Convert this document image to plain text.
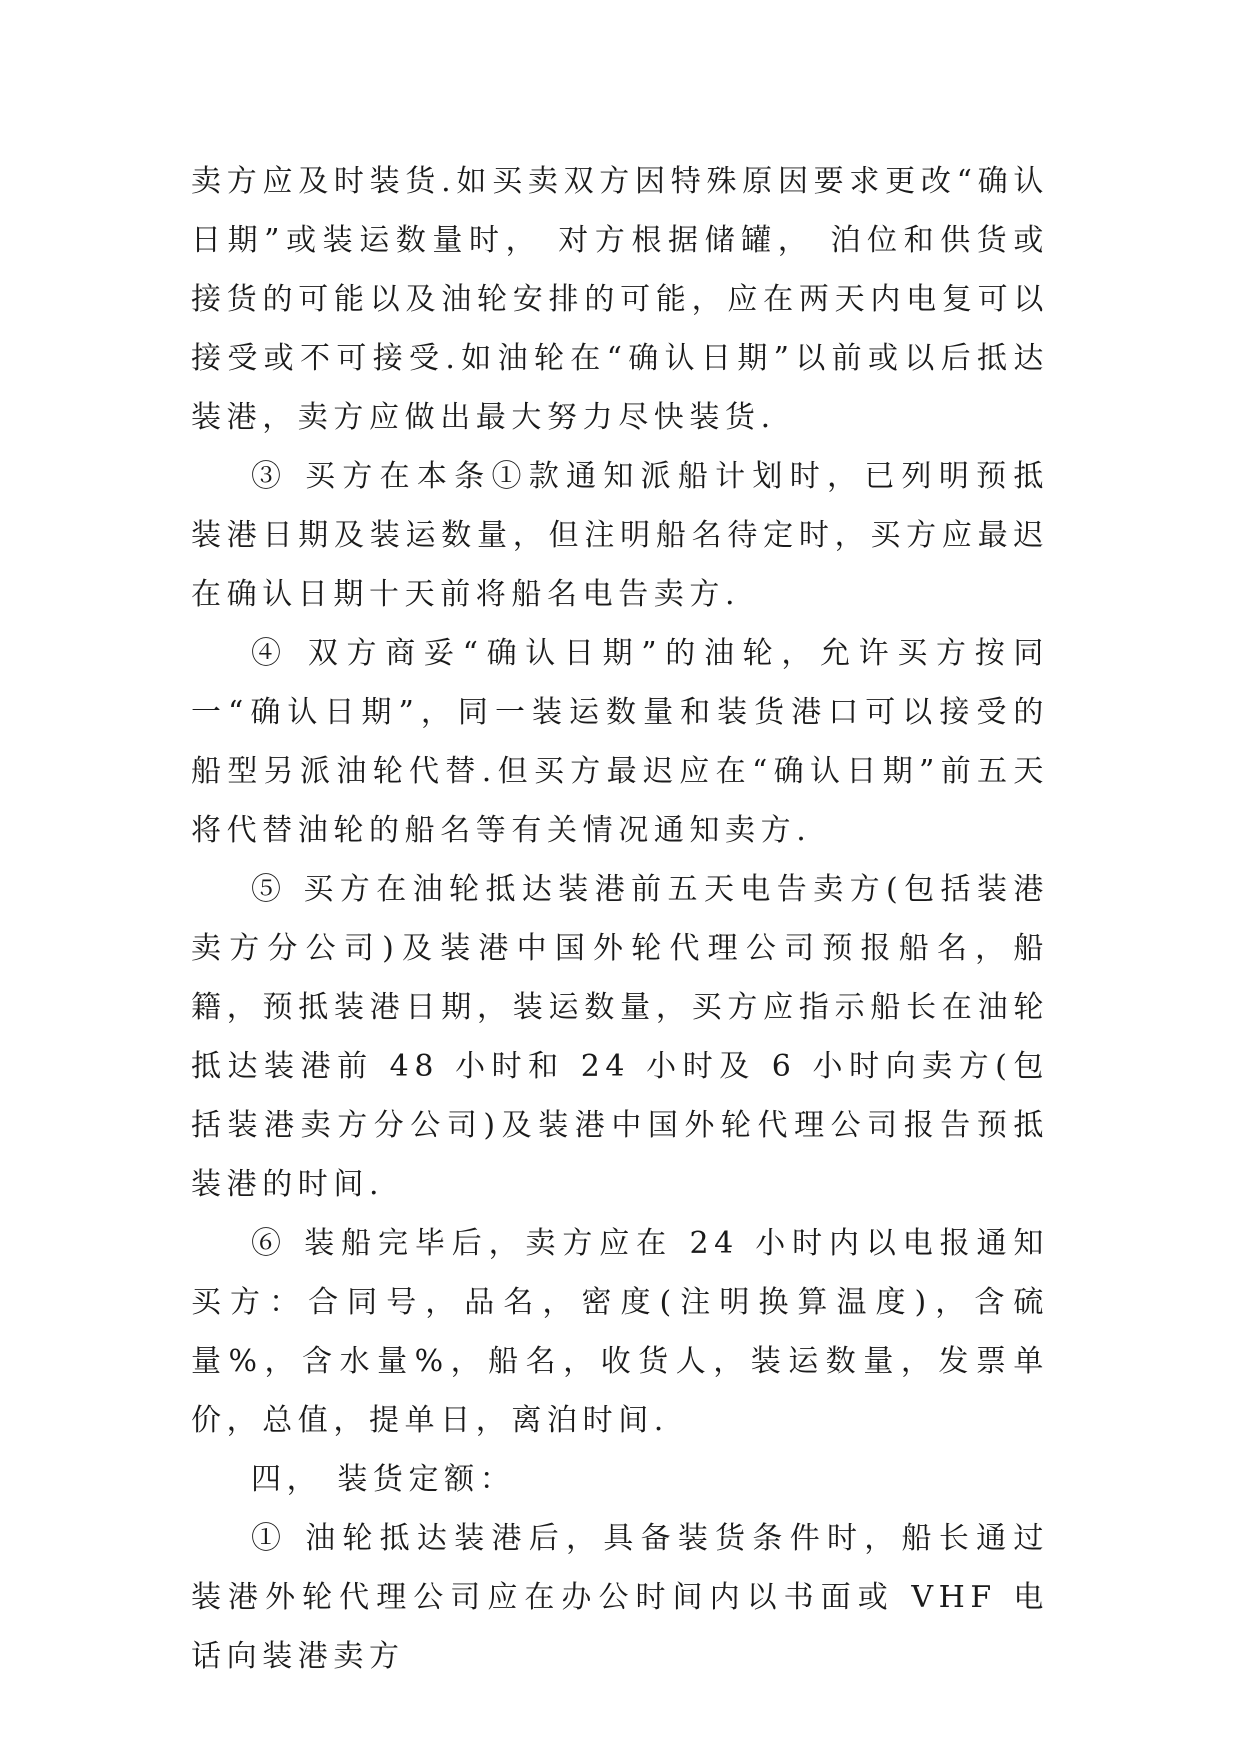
卖方应及时装货.如买卖双方因特殊原因要求更改“确认日期”或装运数量时， 对方根据储罐， 泊位和供货或接货的可能以及油轮安排的可能，应在两天内电复可以接受或不可接受.如油轮在“确认日期”以前或以后抵达装港，卖方应做出最大努力尽快装货.

③ 买方在本条①款通知派船计划时，已列明预抵装港日期及装运数量，但注明船名待定时，买方应最迟在确认日期十天前将船名电告卖方.

④ 双方商妥“确认日期”的油轮，允许买方按同一“确认日期”，同一装运数量和装货港口可以接受的船型另派油轮代替.但买方最迟应在“确认日期”前五天将代替油轮的船名等有关情况通知卖方.

⑤ 买方在油轮抵达装港前五天电告卖方(包括装港卖方分公司)及装港中国外轮代理公司预报船名，船籍，预抵装港日期，装运数量，买方应指示船长在油轮抵达装港前 48 小时和 24 小时及 6 小时向卖方(包括装港卖方分公司)及装港中国外轮代理公司报告预抵装港的时间.

⑥ 装船完毕后，卖方应在 24 小时内以电报通知买方：合同号，品名，密度(注明换算温度)，含硫量%，含水量%，船名，收货人，装运数量，发票单价，总值，提单日，离泊时间.

四， 装货定额：

① 油轮抵达装港后，具备装货条件时，船长通过装港外轮代理公司应在办公时间内以书面或 VHF 电话向装港卖方
